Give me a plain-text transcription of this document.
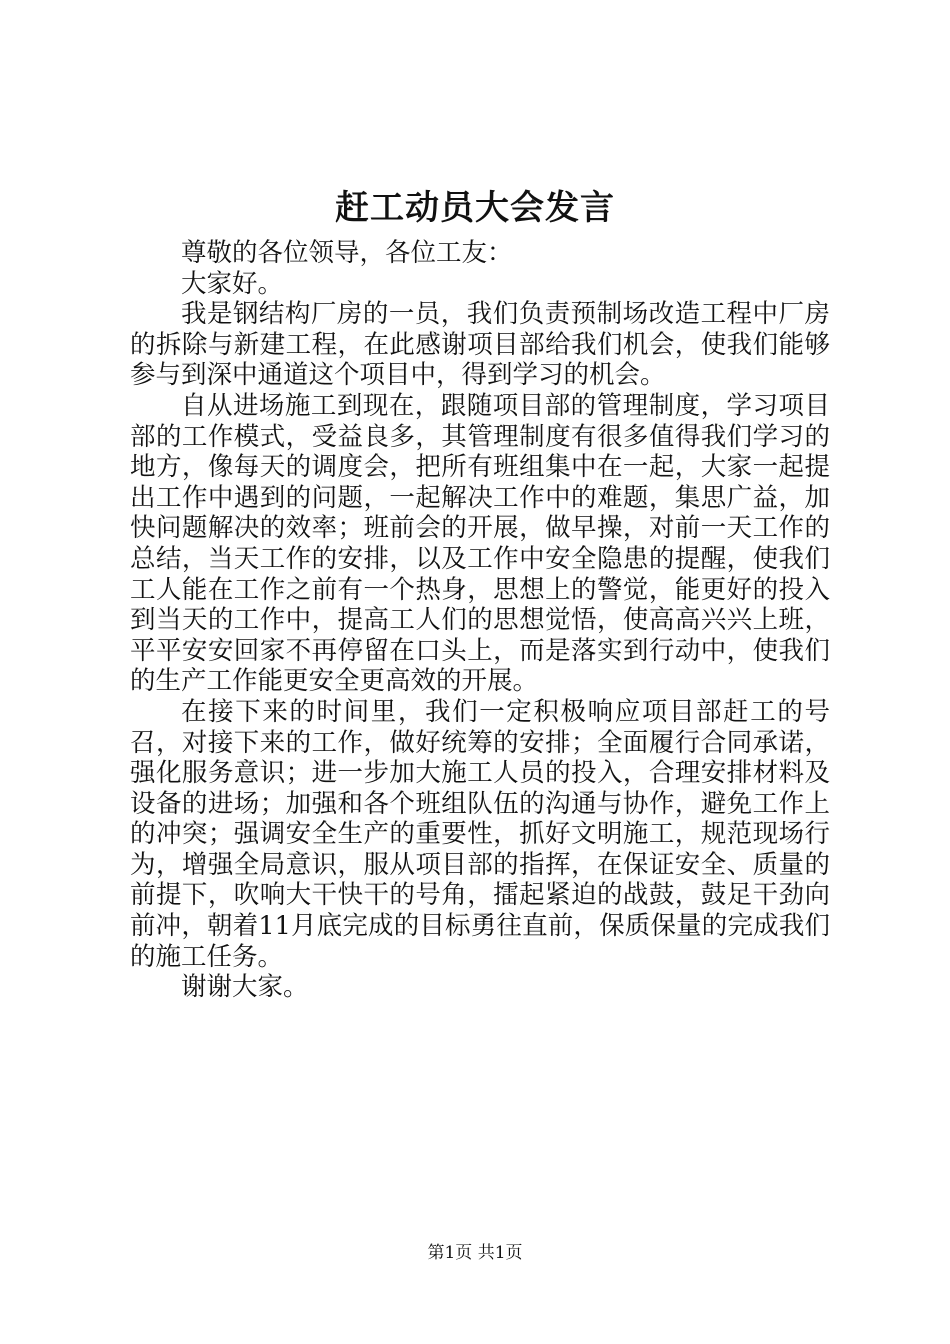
赶工动员大会发言

尊敬的各位领导，各位工友：

大家好。

我是钢结构厂房的一员，我们负责预制场改造工程中厂房的拆除与新建工程，在此感谢项目部给我们机会，使我们能够参与到深中通道这个项目中，得到学习的机会。

自从进场施工到现在，跟随项目部的管理制度，学习项目部的工作模式，受益良多，其管理制度有很多值得我们学习的地方，像每天的调度会，把所有班组集中在一起，大家一起提出工作中遇到的问题，一起解决工作中的难题，集思广益，加快问题解决的效率；班前会的开展，做早操，对前一天工作的总结，当天工作的安排，以及工作中安全隐患的提醒，使我们工人能在工作之前有一个热身，思想上的警觉，能更好的投入到当天的工作中，提高工人们的思想觉悟，使高高兴兴上班，平平安安回家不再停留在口头上，而是落实到行动中，使我们的生产工作能更安全更高效的开展。

在接下来的时间里，我们一定积极响应项目部赶工的号召，对接下来的工作，做好统筹的安排；全面履行合同承诺，强化服务意识；进一步加大施工人员的投入，合理安排材料及设备的进场；加强和各个班组队伍的沟通与协作，避免工作上的冲突；强调安全生产的重要性，抓好文明施工，规范现场行为，增强全局意识，服从项目部的指挥，在保证安全、质量的前提下，吹响大干快干的号角，擂起紧迫的战鼓，鼓足干劲向前冲，朝着11月底完成的目标勇往直前，保质保量的完成我们的施工任务。

谢谢大家。

第1页 共1页
